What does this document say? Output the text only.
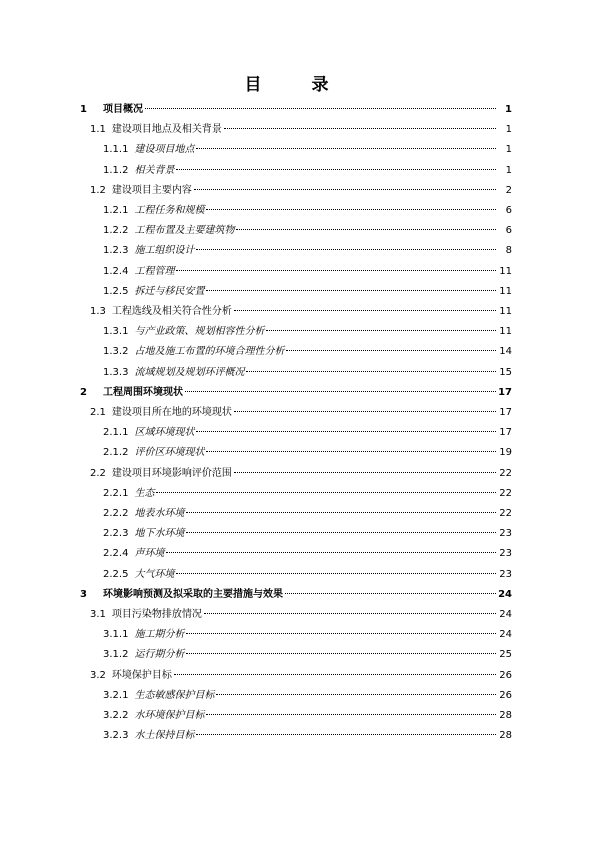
目 录
1	项目概况	1
1.1 建设项目地点及相关背景	1
1.1.1 建设项目地点	1
1.1.2 相关背景	1
1.2 建设项目主要内容	2
1.2.1 工程任务和规模	6
1.2.2 工程布置及主要建筑物	6
1.2.3 施工组织设计	8
1.2.4 工程管理	11
1.2.5 拆迁与移民安置	11
1.3 工程选线及相关符合性分析	11
1.3.1 与产业政策、规划相容性分析	11
1.3.2 占地及施工布置的环境合理性分析	14
1.3.3 流域规划及规划环评概况	15
2	工程周围环境现状	17
2.1 建设项目所在地的环境现状	17
2.1.1 区域环境现状	17
2.1.2 评价区环境现状	19
2.2 建设项目环境影响评价范围	22
2.2.1 生态	22
2.2.2 地表水环境	22
2.2.3 地下水环境	23
2.2.4 声环境	23
2.2.5 大气环境	23
3	环境影响预测及拟采取的主要措施与效果	24
3.1 项目污染物排放情况	24
3.1.1 施工期分析	24
3.1.2 运行期分析	25
3.2 环境保护目标	26
3.2.1 生态敏感保护目标	26
3.2.2 水环境保护目标	28
3.2.3 水土保持目标	28
